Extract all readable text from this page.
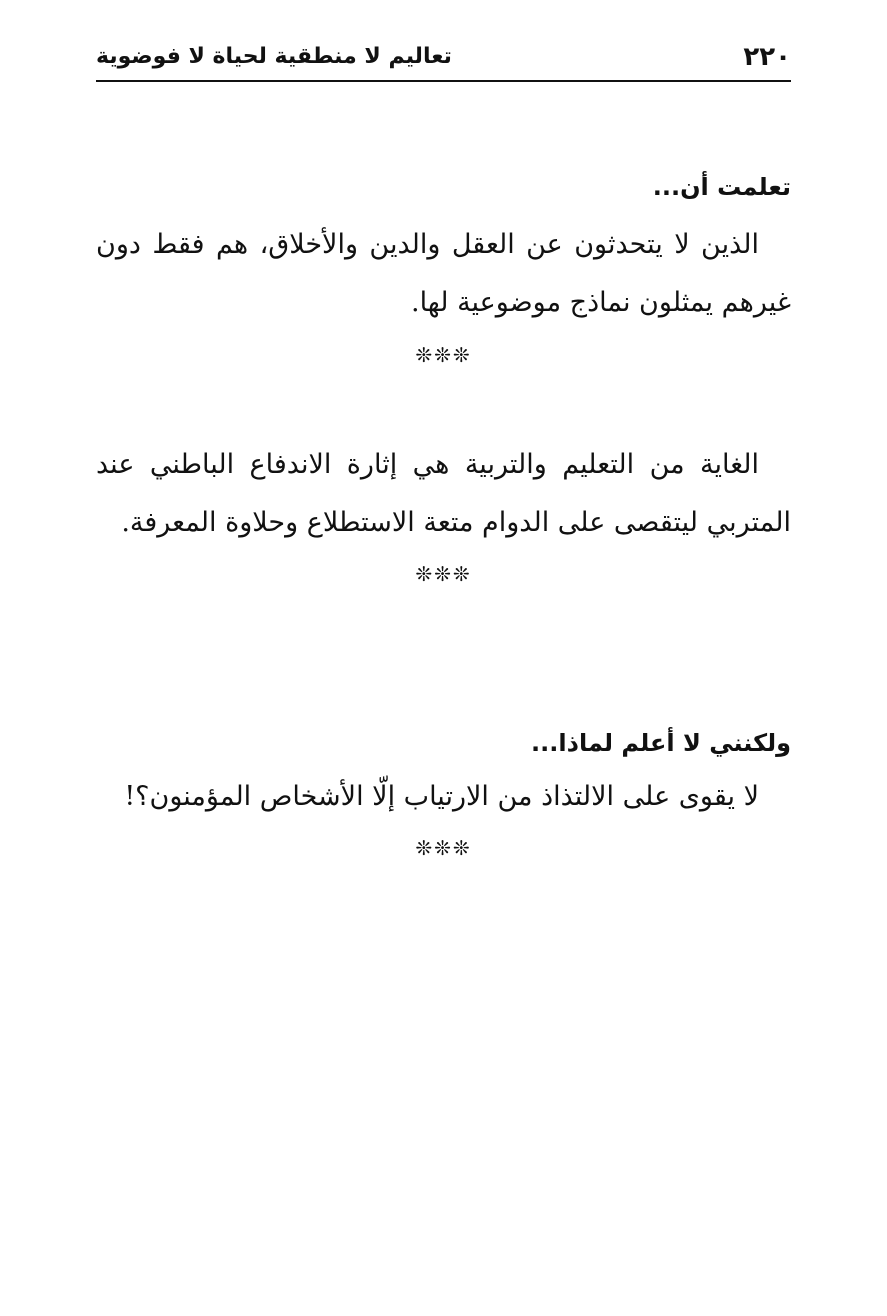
٢٢٠
تعاليم لا منطقية لحياة لا فوضوية

تعلمت أن...

الذين لا يتحدثون عن العقل والدين والأخلاق، هم فقط دون غيرهم يمثلون نماذج موضوعية لها.

❊❊❊

الغاية من التعليم والتربية هي إثارة الاندفاع الباطني عند المتربي ليتقصى على الدوام متعة الاستطلاع وحلاوة المعرفة.

❊❊❊

ولكنني لا أعلم لماذا...

لا يقوى على الالتذاذ من الارتياب إلّا الأشخاص المؤمنون؟!

❊❊❊
